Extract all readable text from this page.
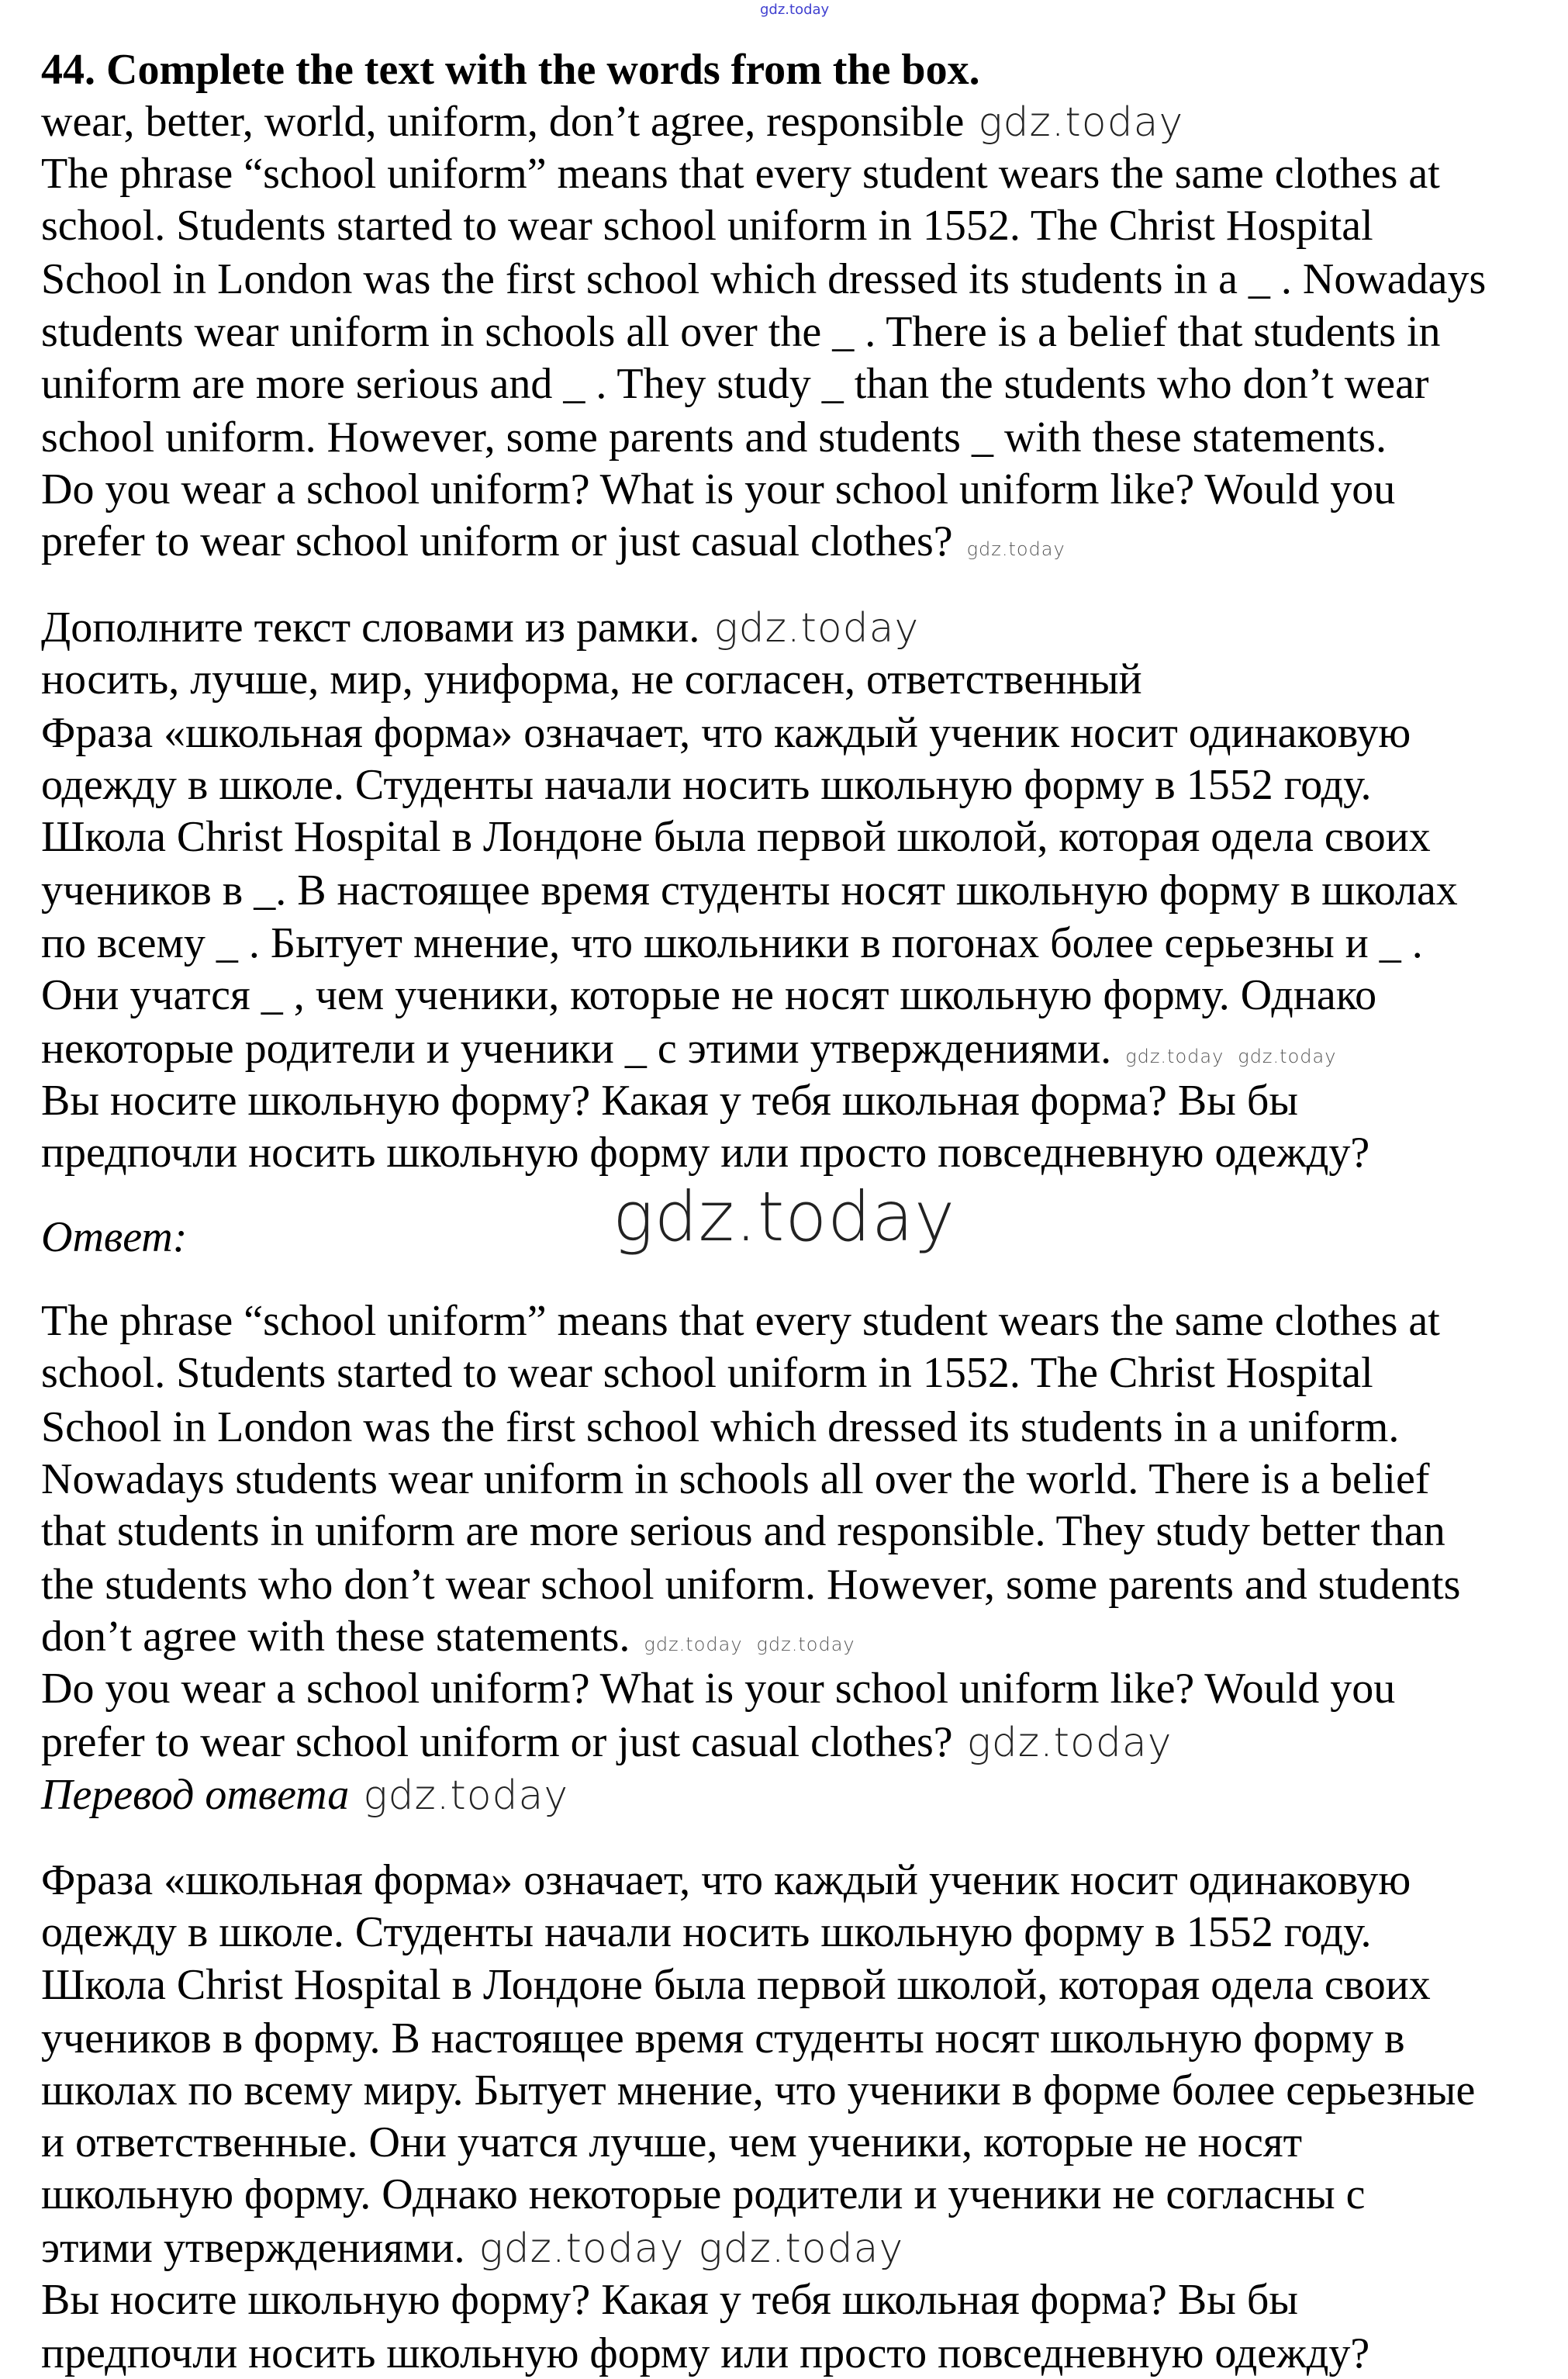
gdz.today
44. Complete the text with the words from the box.
wear, better, world, uniform, don’t agree, responsible gdz.today
The phrase “school uniform” means that every student wears the same clothes at
school. Students started to wear school uniform in 1552. The Christ Hospital
School in London was the first school which dressed its students in a _ . Nowadays
students wear uniform in schools all over the _ . There is a belief that students in
uniform are more serious and _ . They study _ than the students who don’t wear
school uniform. However, some parents and students _ with these statements.
Do you wear a school uniform? What is your school uniform like? Would you
prefer to wear school uniform or just casual clothes? gdz.today
Дополните текст словами из рамки. gdz.today
носить, лучше, мир, униформа, не согласен, ответственный
Фраза «школьная форма» означает, что каждый ученик носит одинаковую
одежду в школе. Студенты начали носить школьную форму в 1552 году.
Школа Christ Hospital в Лондоне была первой школой, которая одела своих
учеников в _. В настоящее время студенты носят школьную форму в школах
по всему _ . Бытует мнение, что школьники в погонах более серьезны и _ .
Они учатся _ , чем ученики, которые не носят школьную форму. Однако
некоторые родители и ученики _ с этими утверждениями. gdz.today gdz.today
Вы носите школьную форму? Какая у тебя школьная форма? Вы бы
предпочли носить школьную форму или просто повседневную одежду?
Ответ:	gdz.today
The phrase “school uniform” means that every student wears the same clothes at
school. Students started to wear school uniform in 1552. The Christ Hospital
School in London was the first school which dressed its students in a uniform.
Nowadays students wear uniform in schools all over the world. There is a belief
that students in uniform are more serious and responsible. They study better than
the students who don’t wear school uniform. However, some parents and students
don’t agree with these statements. gdz.today gdz.today
Do you wear a school uniform? What is your school uniform like? Would you
prefer to wear school uniform or just casual clothes? gdz.today
Перевод ответа gdz.today
Фраза «школьная форма» означает, что каждый ученик носит одинаковую
одежду в школе. Студенты начали носить школьную форму в 1552 году.
Школа Christ Hospital в Лондоне была первой школой, которая одела своих
учеников в форму. В настоящее время студенты носят школьную форму в
школах по всему миру. Бытует мнение, что ученики в форме более серьезные
и ответственные. Они учатся лучше, чем ученики, которые не носят
школьную форму. Однако некоторые родители и ученики не согласны с
этими утверждениями. gdz.today gdz.today
Вы носите школьную форму? Какая у тебя школьная форма? Вы бы
предпочли носить школьную форму или просто повседневную одежду?
